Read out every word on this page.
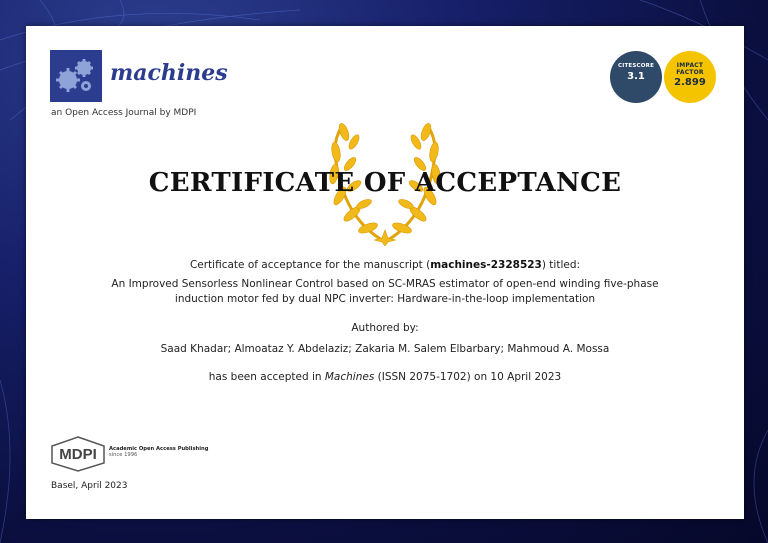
machines
an Open Access Journal by MDPI
CITESCORE
3.1
IMPACT
FACTOR
2.899
CERTIFICATE OF ACCEPTANCE
Certificate of acceptance for the manuscript (machines-2328523) titled:
An Improved Sensorless Nonlinear Control based on SC-MRAS estimator of open-end winding five-phase
induction motor fed by dual NPC inverter: Hardware-in-the-loop implementation
Authored by:
Saad Khadar; Almoataz Y. Abdelaziz; Zakaria M. Salem Elbarbary; Mahmoud A. Mossa
has been accepted in Machines (ISSN 2075-1702) on 10 April 2023
MDPI Academic Open Access Publishing
since 1996
Basel, April 2023
